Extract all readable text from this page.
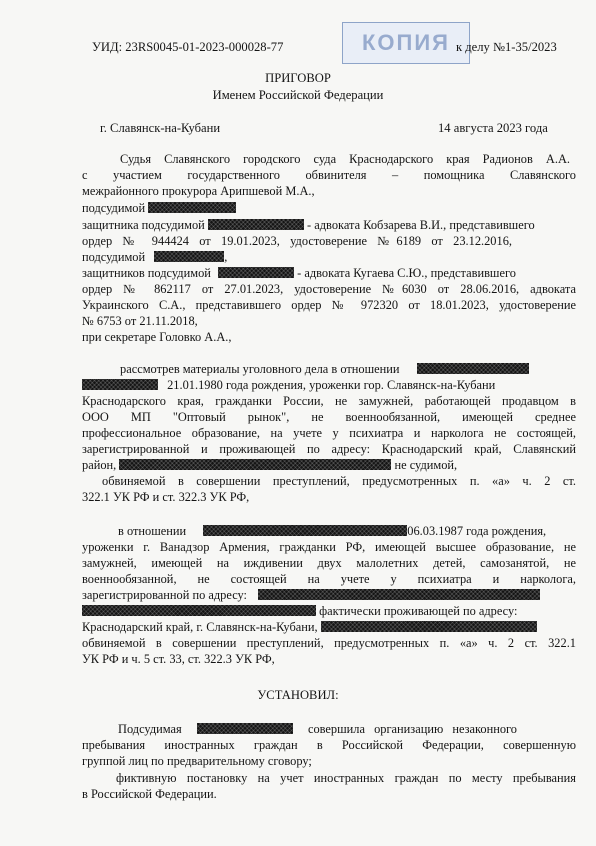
УИД: 23RS0045-01-2023-000028-77	КОПИЯ к делу №1-35/2023
ПРИГОВОР
Именем Российской Федерации
г. Славянск-на-Кубани	14 августа 2023 года
Судья Славянского городского суда Краснодарского края Радионов А.А.
с участием государственного обвинителя – помощника Славянского
межрайонного прокурора Арипшевой М.А.,
подсудимой
защитника подсудимой	- адвоката Кобзарева В.И., представившего
ордер № 944424 от 19.01.2023, удостоверение №6189 от 23.12.2016,
подсудимой	,
защитников подсудимой	- адвоката Кугаева С.Ю., представившего
ордер № 862117 от 27.01.2023, удостоверение №6030 от 28.06.2016, адвоката
Украинского С.А., представившего ордер № 972320 от 18.01.2023, удостоверение
№ 6753 от 21.11.2018,
при секретаре Головко А.А.,
рассмотрев материалы уголовного дела в отношении
21.01.1980 года рождения, уроженки гор. Славянск-на-Кубани
Краснодарского края, гражданки России, не замужней, работающей продавцом в
ООО МП "Оптовый рынок", не военнообязанной, имеющей среднее
профессиональное образование, на учете у психиатра и нарколога не состоящей,
зарегистрированной и проживающей по адресу: Краснодарский край, Славянский
район,	не судимой,
обвиняемой в совершении преступлений, предусмотренных п. «а» ч. 2 ст.
322.1 УК РФ и ст. 322.3 УК РФ,
в отношении	06.03.1987 года рождения,
уроженки г. Ванадзор Армения, гражданки РФ, имеющей высшее образование, не
замужней, имеющей на иждивении двух малолетних детей, самозанятой, не
военнообязанной, не состоящей на учете у психиатра и нарколога,
зарегистрированной по адресу:
фактически проживающей по адресу:
Краснодарский край, г. Славянск-на-Кубани,
обвиняемой в совершении преступлений, предусмотренных п. «а» ч. 2 ст. 322.1
УК РФ и ч. 5 ст. 33, ст. 322.3 УК РФ,
УСТАНОВИЛ:
Подсудимая	совершила организацию незаконного
пребывания иностранных граждан в Российской Федерации, совершенную
группой лиц по предварительному сговору;
фиктивную постановку на учет иностранных граждан по месту пребывания
в Российской Федерации.
